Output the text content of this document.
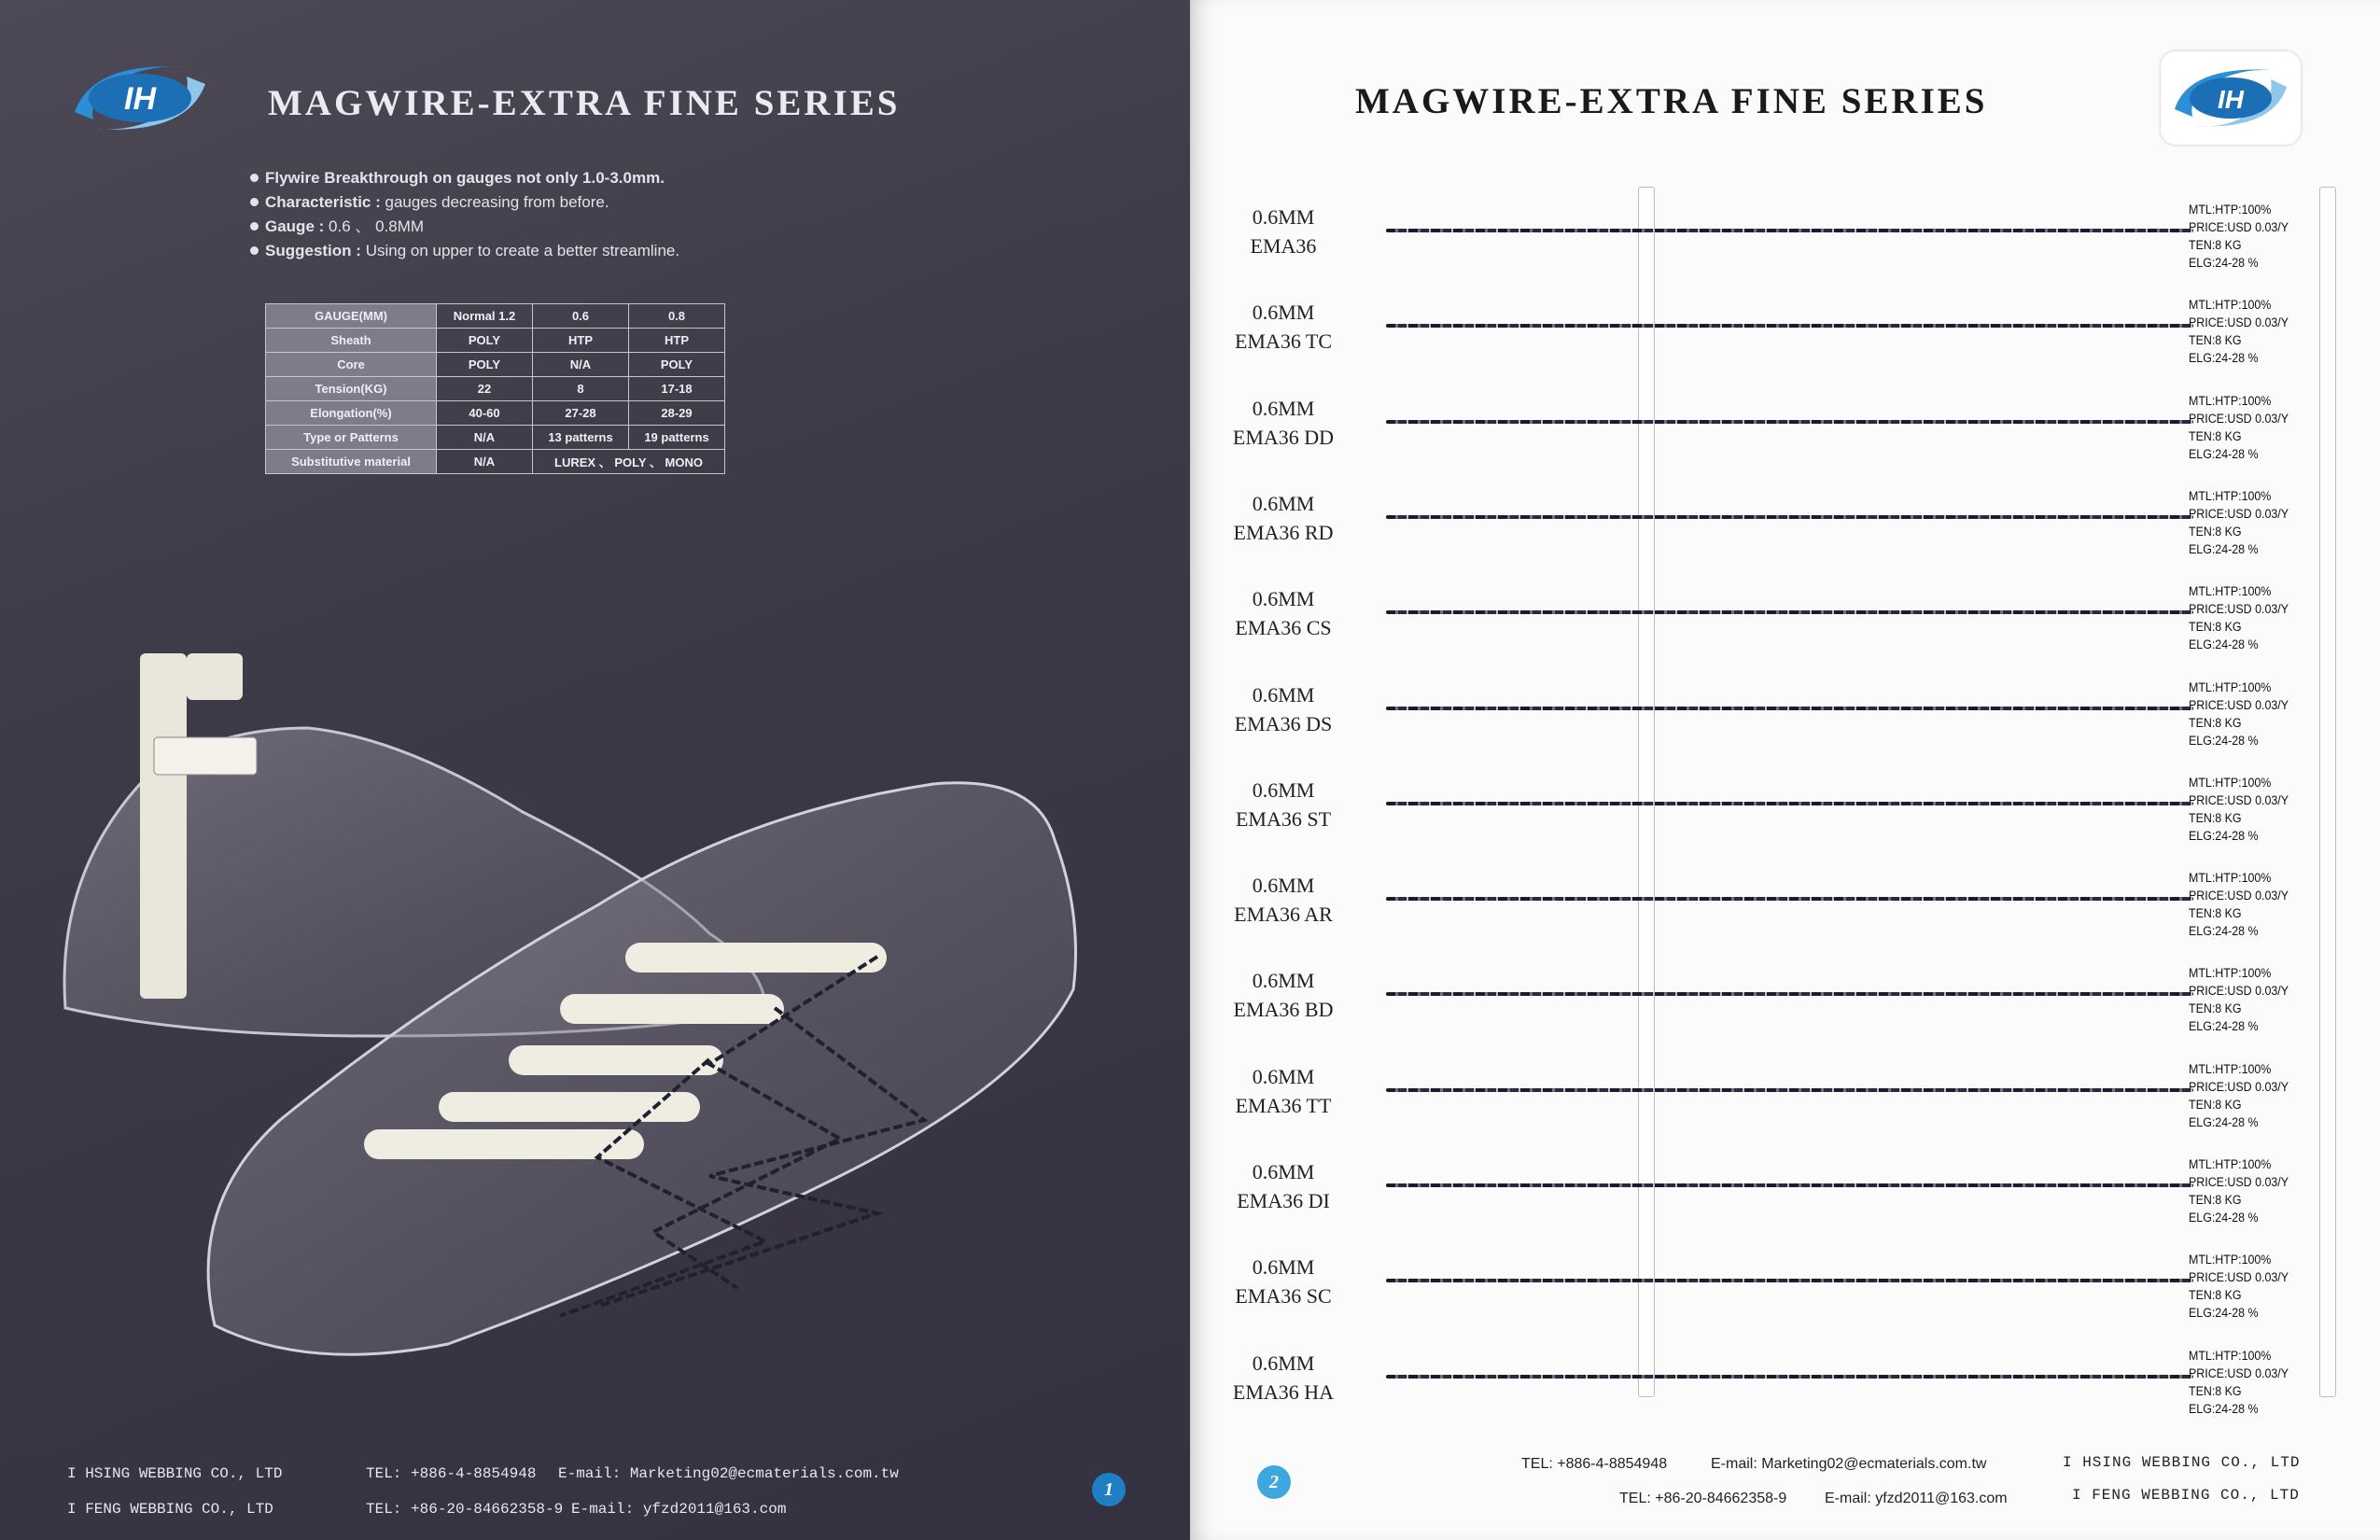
IH	MAGWIRE-EXTRA FINE SERIES
Flywire Breakthrough on gauges not only 1.0-3.0mm.
Characteristic : gauges decreasing from before.
Gauge : 0.6 、 0.8MM
Suggestion : Using on upper to create a better streamline.
GAUGE(MM)	Normal 1.2	0.6	0.8
Sheath	POLY	HTP	HTP
Core	POLY	N/A	POLY
Tension(KG)	22	8	17-18
Elongation(%)	40-60	27-28	28-29
Type or Patterns	N/A	13 patterns	19 patterns
Substitutive material	N/A	LUREX 、 POLY 、 MONO	
I HSING WEBBING CO., LTD
I FENG WEBBING CO., LTD
TEL: +886-4-8854948
TEL: +86-20-84662358-9
E-mail: Marketing02@ecmaterials.com.tw
E-mail: yfzd2011@163.com
1
MAGWIRE-EXTRA FINE SERIES	IH
0.6MM
EMA36
MTL:HTP:100%
PRICE:USD 0.03/Y
TEN:8 KG
ELG:24-28 %
0.6MM
EMA36 TC
MTL:HTP:100%
PRICE:USD 0.03/Y
TEN:8 KG
ELG:24-28 %
0.6MM
EMA36 DD
MTL:HTP:100%
PRICE:USD 0.03/Y
TEN:8 KG
ELG:24-28 %
0.6MM
EMA36 RD
MTL:HTP:100%
PRICE:USD 0.03/Y
TEN:8 KG
ELG:24-28 %
0.6MM
EMA36 CS
MTL:HTP:100%
PRICE:USD 0.03/Y
TEN:8 KG
ELG:24-28 %
0.6MM
EMA36 DS
MTL:HTP:100%
PRICE:USD 0.03/Y
TEN:8 KG
ELG:24-28 %
0.6MM
EMA36 ST
MTL:HTP:100%
PRICE:USD 0.03/Y
TEN:8 KG
ELG:24-28 %
0.6MM
EMA36 AR
MTL:HTP:100%
PRICE:USD 0.03/Y
TEN:8 KG
ELG:24-28 %
0.6MM
EMA36 BD
MTL:HTP:100%
PRICE:USD 0.03/Y
TEN:8 KG
ELG:24-28 %
0.6MM
EMA36 TT
MTL:HTP:100%
PRICE:USD 0.03/Y
TEN:8 KG
ELG:24-28 %
0.6MM
EMA36 DI
MTL:HTP:100%
PRICE:USD 0.03/Y
TEN:8 KG
ELG:24-28 %
0.6MM
EMA36 SC
MTL:HTP:100%
PRICE:USD 0.03/Y
TEN:8 KG
ELG:24-28 %
0.6MM
EMA36 HA
MTL:HTP:100%
PRICE:USD 0.03/Y
TEN:8 KG
ELG:24-28 %
TEL: +886-4-8854948	E-mail: Marketing02@ecmaterials.com.tw
TEL: +86-20-84662358-9	E-mail: yfzd2011@163.com
I HSING WEBBING CO., LTD
I FENG WEBBING CO., LTD
2
